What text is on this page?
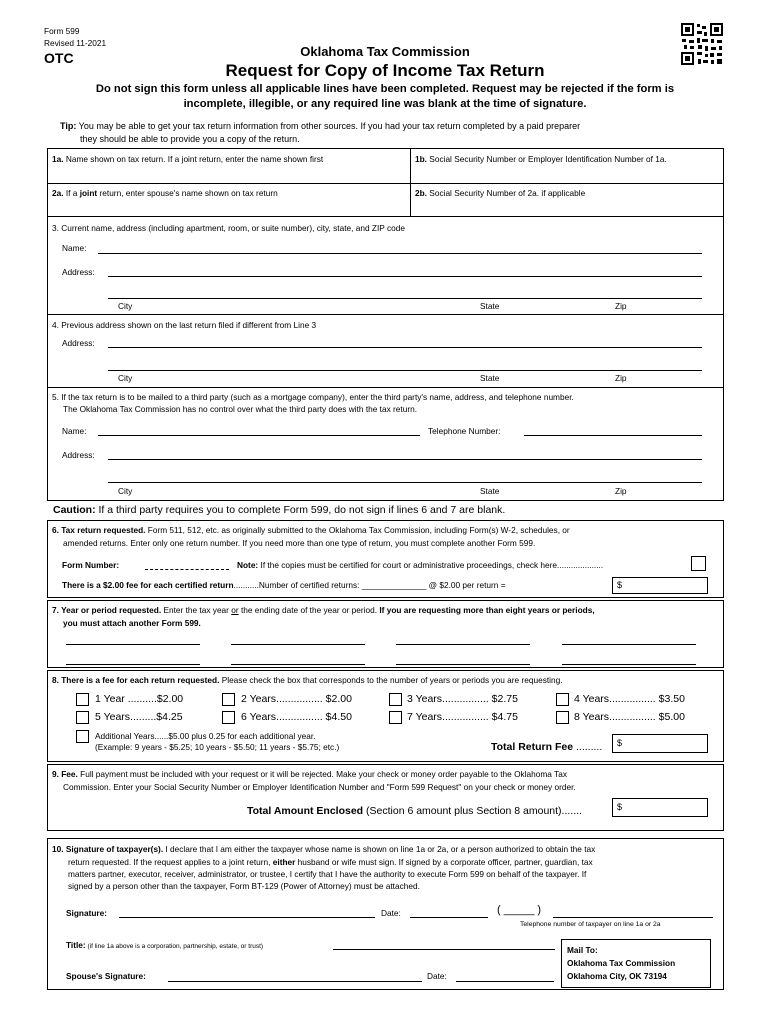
Form 599
Revised 11-2021
OTC	Oklahoma Tax Commission
Request for Copy of Income Tax Return
Do not sign this form unless all applicable lines have been completed. Request may be rejected if the form is
incomplete, illegible, or any required line was blank at the time of signature.
Tip: You may be able to get your tax return information from other sources. If you had your tax return completed by a paid preparer
they should be able to provide you a copy of the return.
1a. Name shown on tax return. If a joint return, enter the name shown first	1b. Social Security Number or Employer Identification Number of 1a.
2a. If a joint return, enter spouse's name shown on tax return	2b. Social Security Number of 2a. if applicable
3. Current name, address (including apartment, room, or suite number), city, state, and ZIP code
Name:
Address:
City	State	Zip
4. Previous address shown on the last return filed if different from Line 3
Address:
City	State	Zip
5. If the tax return is to be mailed to a third party (such as a mortgage company), enter the third party's name, address, and telephone number.
The Oklahoma Tax Commission has no control over what the third party does with the tax return.
Name:	Telephone Number:
Address:
City	State	Zip
Caution: If a third party requires you to complete Form 599, do not sign if lines 6 and 7 are blank.
6. Tax return requested. Form 511, 512, etc. as originally submitted to the Oklahoma Tax Commission, including Form(s) W-2, schedules, or
amended returns. Enter only one return number. If you need more than one type of return, you must complete another Form 599.
Form Number:	Note: If the copies must be certified for court or administrative proceedings, check here....................
There is a $2.00 fee for each certified return...........Number of certified returns: ______________ @ $2.00 per return =	$
7. Year or period requested. Enter the tax year or the ending date of the year or period. If you are requesting more than eight years or periods,
you must attach another Form 599.
8. There is a fee for each return requested. Please check the box that corresponds to the number of years or periods you are requesting.
1 Year ..........$2.00	2 Years................ $2.00	3 Years................ $2.75	4 Years................ $3.50
5 Years.........$4.25	6 Years................ $4.50	7 Years................ $4.75	8 Years................ $5.00
Additional Years......$5.00 plus 0.25 for each additional year.
(Example: 9 years - $5.25; 10 years - $5.50; 11 years - $5.75; etc.)	Total Return Fee ......... $
9. Fee. Full payment must be included with your request or it will be rejected. Make your check or money order payable to the Oklahoma Tax
Commission. Enter your Social Security Number or Employer Identification Number and "Form 599 Request" on your check or money order.
Total Amount Enclosed (Section 6 amount plus Section 8 amount).......	$
10. Signature of taxpayer(s). I declare that I am either the taxpayer whose name is shown on line 1a or 2a, or a person authorized to obtain the tax
return requested. If the request applies to a joint return, either husband or wife must sign. If signed by a corporate officer, partner, guardian, tax
matters partner, executor, receiver, administrator, or trustee, I certify that I have the authority to execute Form 599 on behalf of the taxpayer. If
signed by a person other than the taxpayer, Form BT-129 (Power of Attorney) must be attached.
Signature:	Date:	( _____ )
Telephone number of taxpayer on line 1a or 2a
Title: (if line 1a above is a corporation, partnership, estate, or trust)
Spouse's Signature:	Date:
Mail To:
Oklahoma Tax Commission
Oklahoma City, OK 73194
